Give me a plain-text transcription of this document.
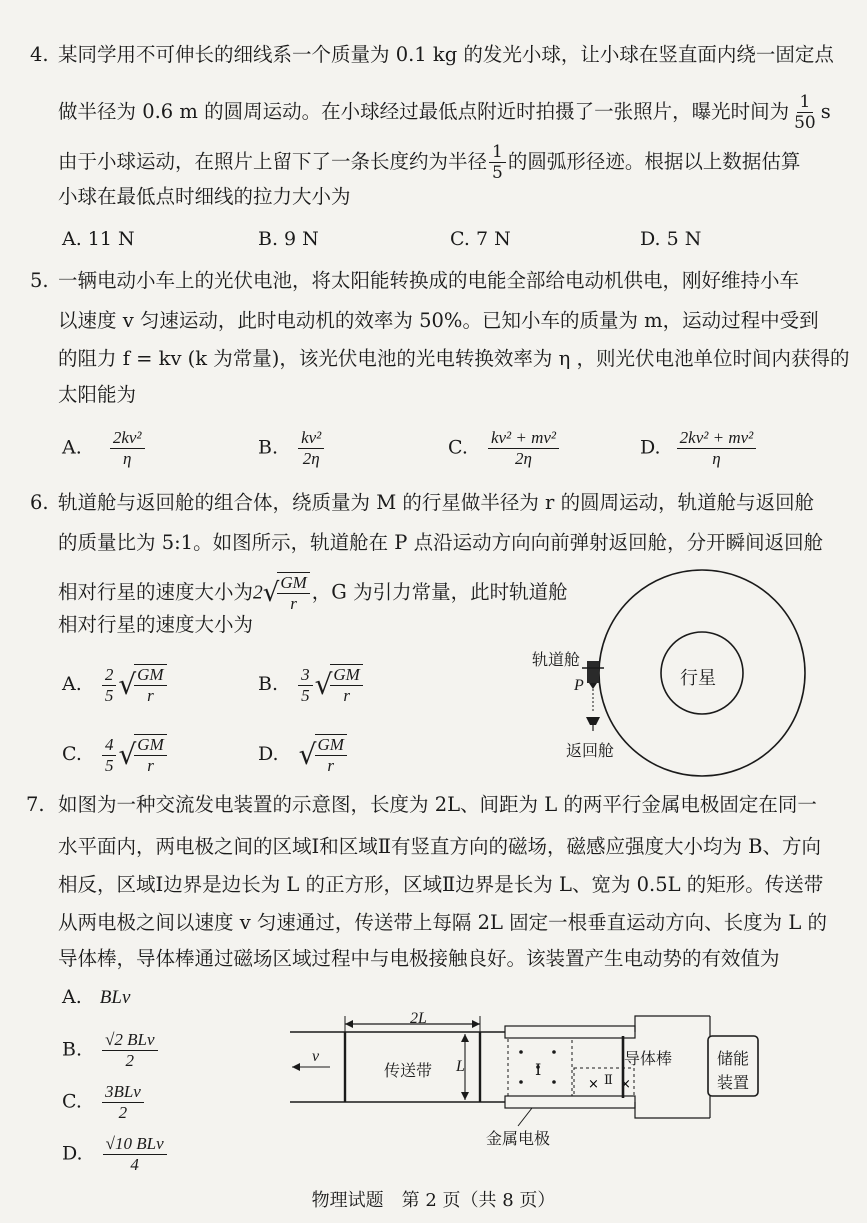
4. 某同学用不可伸长的细线系一个质量为 0.1 kg 的发光小球，让小球在竖直面内绕一固定点
做半径为 0.6 m 的圆周运动。在小球经过最低点附近时拍摄了一张照片，曝光时间为 $\frac{1}{50}$ s
由于小球运动，在照片上留下了一条长度约为半径 $\frac{1}{5}$ 的圆弧形径迹。根据以上数据估算
小球在最低点时细线的拉力大小为
A. 11 N	B. 9 N	C. 7 N	D. 5 N
5. 一辆电动小车上的光伏电池，将太阳能转换成的电能全部给电动机供电，刚好维持小车
以速度 v 匀速运动，此时电动机的效率为 50%。已知小车的质量为 m，运动过程中受到
的阻力 f = kv (k 为常量)，该光伏电池的光电转换效率为 η ，则光伏电池单位时间内获得的
太阳能为
A. $\frac{\text{2kv²}}{\eta}$	B. $\frac{\text{kv²}}{2\eta}$	C. $\frac{\text{kv² + mv²}}{2\eta}$	D. $\frac{\text{2kv² + mv²}}{\eta}$
6. 轨道舱与返回舱的组合体，绕质量为 M 的行星做半径为 r 的圆周运动，轨道舱与返回舱
的质量比为 5:1。如图所示，轨道舱在 P 点沿运动方向向前弹射返回舱，分开瞬间返回舱
相对行星的速度大小为2√
$\frac{GM}{r}$ ，G 为引力常量，此时轨道舱
相对行星的速度大小为
A. $\frac{2}{5}$ √
$\frac{GM}{r}$	B. $\frac{3}{5}$ √
$\frac{GM}{r}$
C. $\frac{4}{5}$ √
$\frac{GM}{r}$	D. √
$\frac{GM}{r}$
轨道舱
P	行星
返回舱
7. 如图为一种交流发电装置的示意图，长度为 2L、间距为 L 的两平行金属电极固定在同一
水平面内，两电极之间的区域Ⅰ和区域Ⅱ有竖直方向的磁场，磁感应强度大小均为 B、方向
相反，区域Ⅰ边界是边长为 L 的正方形，区域Ⅱ边界是长为 L、宽为 0.5L 的矩形。传送带
从两电极之间以速度 v 匀速通过，传送带上每隔 2L 固定一根垂直运动方向、长度为 L 的
导体棒，导体棒通过磁场区域过程中与电极接触良好。该装置产生电动势的有效值为
A. BLv
B. $\frac{\text{√2 BLv}}{2}$
C. $\frac{\text{3BLv}}{2}$
D. $\frac{\text{√10 BLv}}{4}$
× ×
2L
v
传送带 L	Ⅰ
Ⅱ
导体棒	储能
装置
金属电极
物理试题　第 2 页（共 8 页）
